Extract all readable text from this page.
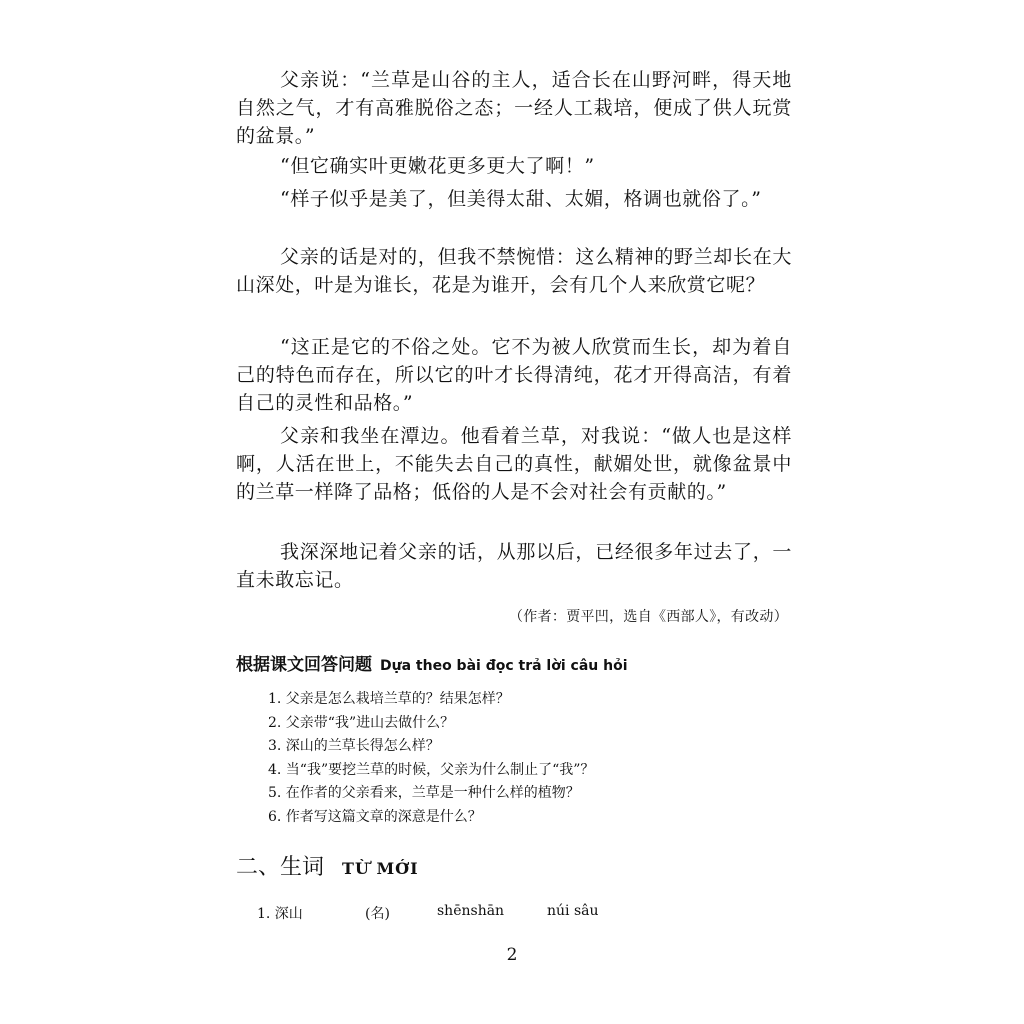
父亲说：“兰草是山谷的主人，适合长在山野河畔，得天地自然之气，才有高雅脱俗之态；一经人工栽培，便成了供人玩赏的盆景。”

“但它确实叶更嫩花更多更大了啊！”

“样子似乎是美了，但美得太甜、太媚，格调也就俗了。”

父亲的话是对的，但我不禁惋惜：这么精神的野兰却长在大山深处，叶是为谁长，花是为谁开，会有几个人来欣赏它呢？

“这正是它的不俗之处。它不为被人欣赏而生长，却为着自己的特色而存在，所以它的叶才长得清纯，花才开得高洁，有着自己的灵性和品格。”

父亲和我坐在潭边。他看着兰草，对我说：“做人也是这样啊，人活在世上，不能失去自己的真性，献媚处世，就像盆景中的兰草一样降了品格；低俗的人是不会对社会有贡献的。”

我深深地记着父亲的话，从那以后，已经很多年过去了，一直未敢忘记。

（作者：贾平凹，选自《西部人》，有改动）
根据课文回答问题 Dựa theo bài đọc trả lời câu hỏi
1. 父亲是怎么栽培兰草的？结果怎样？
2. 父亲带“我”进山去做什么？
3. 深山的兰草长得怎么样？
4. 当“我”要挖兰草的时候，父亲为什么制止了“我”？
5. 在作者的父亲看来，兰草是一种什么样的植物？
6. 作者写这篇文章的深意是什么？
二、生词 TỪ MỚI
1. 深山	(名)	shēnshān	núi sâu
2
